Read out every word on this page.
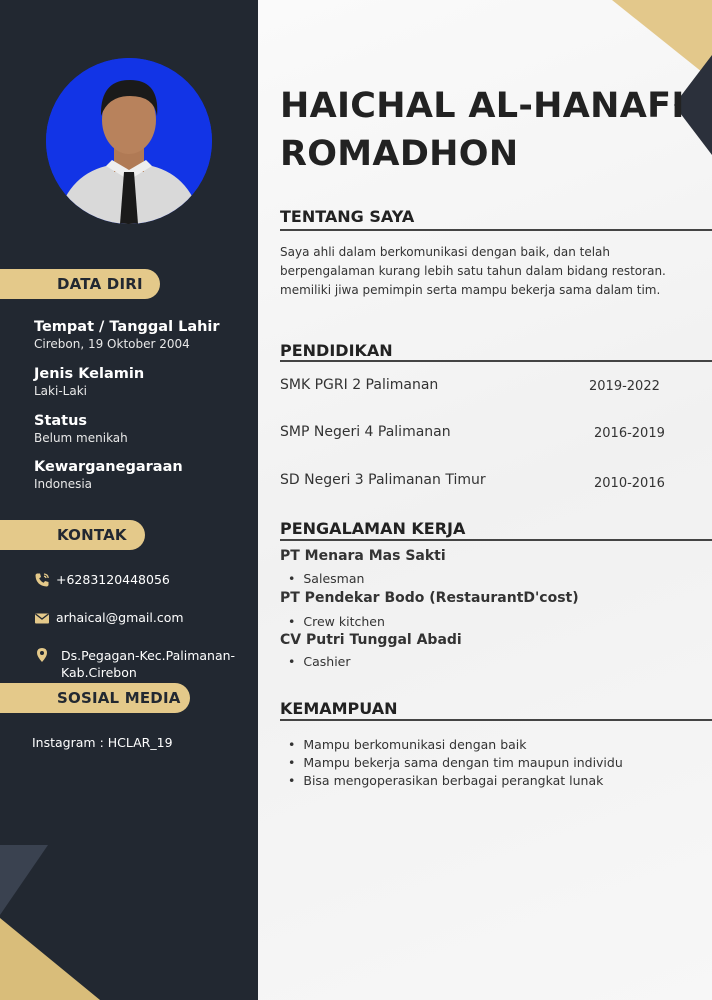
DATA DIRI
Tempat / Tanggal Lahir
Cirebon, 19 Oktober 2004
Jenis Kelamin
Laki-Laki
Status
Belum menikah
Kewarganegaraan
Indonesia
KONTAK
+6283120448056
arhaical@gmail.com
Ds.Pegagan-Kec.Palimanan-
Kab.Cirebon
SOSIAL MEDIA
Instagram : HCLAR_19
HAICHAL AL-HANAFI
ROMADHON
TENTANG SAYA
Saya ahli dalam berkomunikasi dengan baik, dan telah
berpengalaman kurang lebih satu tahun dalam bidang restoran.
memiliki jiwa pemimpin serta mampu bekerja sama dalam tim.
PENDIDIKAN
SMK PGRI 2 Palimanan	2019-2022
SMP Negeri 4 Palimanan	2016-2019
SD Negeri 3 Palimanan Timur	2010-2016
PENGALAMAN KERJA
PT Menara Mas Sakti
• Salesman
PT Pendekar Bodo (RestaurantD'cost)
• Crew kitchen
CV Putri Tunggal Abadi
• Cashier
KEMAMPUAN
• Mampu berkomunikasi dengan baik
• Mampu bekerja sama dengan tim maupun individu
• Bisa mengoperasikan berbagai perangkat lunak
